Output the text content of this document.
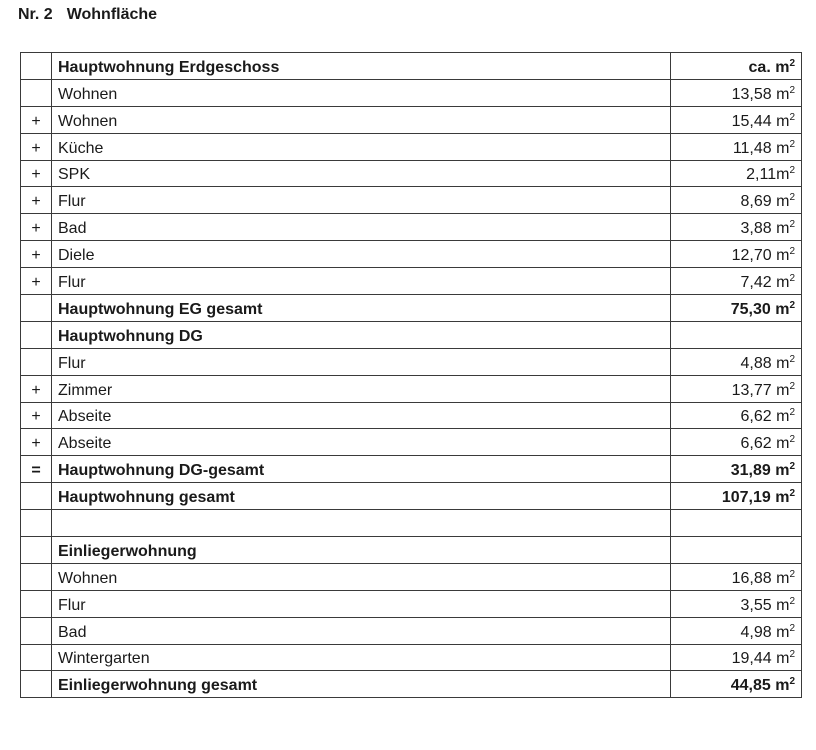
Nr. 2 Wohnfläche
	Hauptwohnung Erdgeschoss	ca. $m^2$
	Wohnen	13,58 $m^2$
+	Wohnen	15,44 $m^2$
+	Küche	11,48 $m^2$
+	SPK	$2,11m^2$
+	Flur	8,69 $m^2$
+	Bad	3,88 $m^2$
+	Diele	12,70 $m^2$
+	Flur	7,42 $m^2$
	Hauptwohnung EG gesamt	75,30 $m^2$
	Hauptwohnung DG	
	Flur	4,88 $m^2$
+	Zimmer	13,77 $m^2$
+	Abseite	6,62 $m^2$
+	Abseite	6,62 $m^2$
=	Hauptwohnung DG-gesamt	31,89 $m^2$
	Hauptwohnung gesamt	107,19 $m^2$

	Einliegerwohnung	
	Wohnen	16,88 $m^2$
	Flur	3,55 $m^2$
	Bad	4,98 $m^2$
	Wintergarten	19,44 $m^2$
	Einliegerwohnung gesamt	44,85 $m^2$
